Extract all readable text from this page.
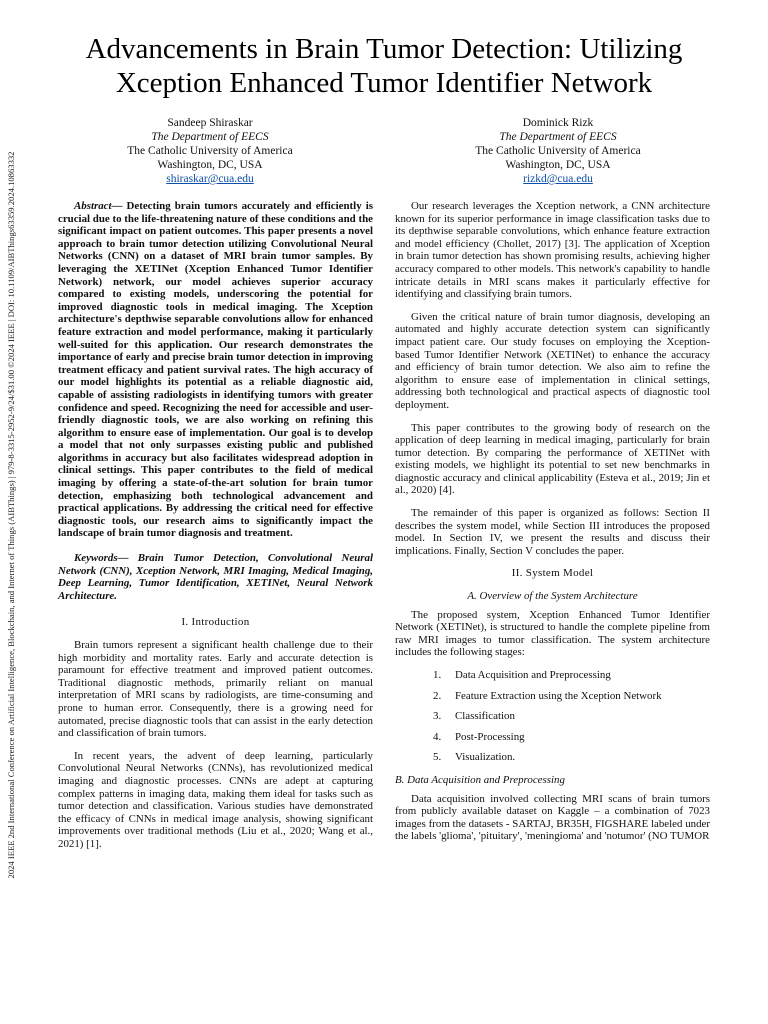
2024 IEEE 2nd International Conference on Artificial Intelligence, Blockchain, and Internet of Things (AIBThings) | 979-8-3315-2952-9/24/$31.00 ©2024 IEEE | DOI: 10.1109/AIBThings63359.2024.10863332
Advancements in Brain Tumor Detection: Utilizing
Xception Enhanced Tumor Identifier Network
Sandeep Shiraskar
The Department of EECS
The Catholic University of America
Washington, DC, USA
shiraskar@cua.edu
Dominick Rizk
The Department of EECS
The Catholic University of America
Washington, DC, USA
rizkd@cua.edu

Abstract— Detecting brain tumors accurately and efficiently is crucial due to the life-threatening nature of these conditions and the significant impact on patient outcomes. This paper presents a novel approach to brain tumor detection utilizing Convolutional Neural Networks (CNN) on a dataset of MRI brain tumor samples. By leveraging the XETINet (Xception Enhanced Tumor Identifier Network) network, our model achieves superior accuracy compared to existing models, underscoring the potential for improved diagnostic tools in medical imaging. The Xception architecture's depthwise separable convolutions allow for enhanced feature extraction and model performance, making it particularly well-suited for this application. Our research demonstrates the importance of early and precise brain tumor detection in improving treatment efficacy and patient survival rates. The high accuracy of our model highlights its potential as a reliable diagnostic aid, capable of assisting radiologists in identifying tumors with greater confidence and speed. Recognizing the need for accessible and user-friendly diagnostic tools, we are also working on refining this algorithm to ensure ease of implementation. Our goal is to develop a model that not only surpasses existing public and published algorithms in accuracy but also facilitates widespread adoption in clinical settings. This paper contributes to the field of medical imaging by offering a state-of-the-art solution for brain tumor detection, emphasizing both technological advancement and practical applications. By addressing the critical need for effective diagnostic tools, our research aims to significantly impact the landscape of brain tumor diagnosis and treatment.

Keywords— Brain Tumor Detection, Convolutional Neural Network (CNN), Xception Network, MRI Imaging, Medical Imaging, Deep Learning, Tumor Identification, XETINet, Neural Network Architecture.

I. Introduction

Brain tumors represent a significant health challenge due to their high morbidity and mortality rates. Early and accurate detection is paramount for effective treatment and improved patient outcomes. Traditional diagnostic methods, primarily reliant on manual interpretation of MRI scans by radiologists, are time-consuming and prone to human error. Consequently, there is a growing need for automated, precise diagnostic tools that can assist in the early detection and classification of brain tumors.

In recent years, the advent of deep learning, particularly Convolutional Neural Networks (CNNs), has revolutionized medical imaging and diagnostic processes. CNNs are adept at capturing complex patterns in imaging data, making them ideal for tasks such as tumor detection and classification. Various studies have demonstrated the efficacy of CNNs in medical image analysis, showing significant improvements over traditional methods (Liu et al., 2020; Wang et al., 2021) [1].

Our research leverages the Xception network, a CNN architecture known for its superior performance in image classification tasks due to its depthwise separable convolutions, which enhance feature extraction and model efficiency (Chollet, 2017) [3]. The application of Xception in brain tumor detection has shown promising results, achieving higher accuracy compared to other models. This network's capability to handle intricate details in MRI scans makes it particularly effective for identifying and classifying brain tumors.

Given the critical nature of brain tumor diagnosis, developing an automated and highly accurate detection system can significantly impact patient care. Our study focuses on employing the Xception-based Tumor Identifier Network (XETINet) to enhance the accuracy and efficiency of brain tumor detection. We also aim to refine the algorithm to ensure ease of implementation in clinical settings, addressing both technological and practical aspects of diagnostic tool deployment.

This paper contributes to the growing body of research on the application of deep learning in medical imaging, particularly for brain tumor detection. By comparing the performance of XETINet with existing models, we highlight its potential to set new benchmarks in diagnostic accuracy and clinical applicability (Esteva et al., 2019; Jin et al., 2020) [4].

The remainder of this paper is organized as follows: Section II describes the system model, while Section III introduces the proposed model. In Section IV, we present the results and discuss their implications. Finally, Section V concludes the paper.

II. System Model
A. Overview of the System Architecture

The proposed system, Xception Enhanced Tumor Identifier Network (XETINet), is structured to handle the complete pipeline from raw MRI images to tumor classification. The system architecture includes the following stages:

1.	Data Acquisition and Preprocessing
2.	Feature Extraction using the Xception Network
3.	Classification
4.	Post-Processing
5.	Visualization.
B. Data Acquisition and Preprocessing

Data acquisition involved collecting MRI scans of brain tumors from publicly available dataset on Kaggle – a combination of 7023 images from the datasets - SARTAJ, BR35H, FIGSHARE labeled under the labels 'glioma', 'pituitary', 'meningioma' and 'notumor' (NO TUMOR
